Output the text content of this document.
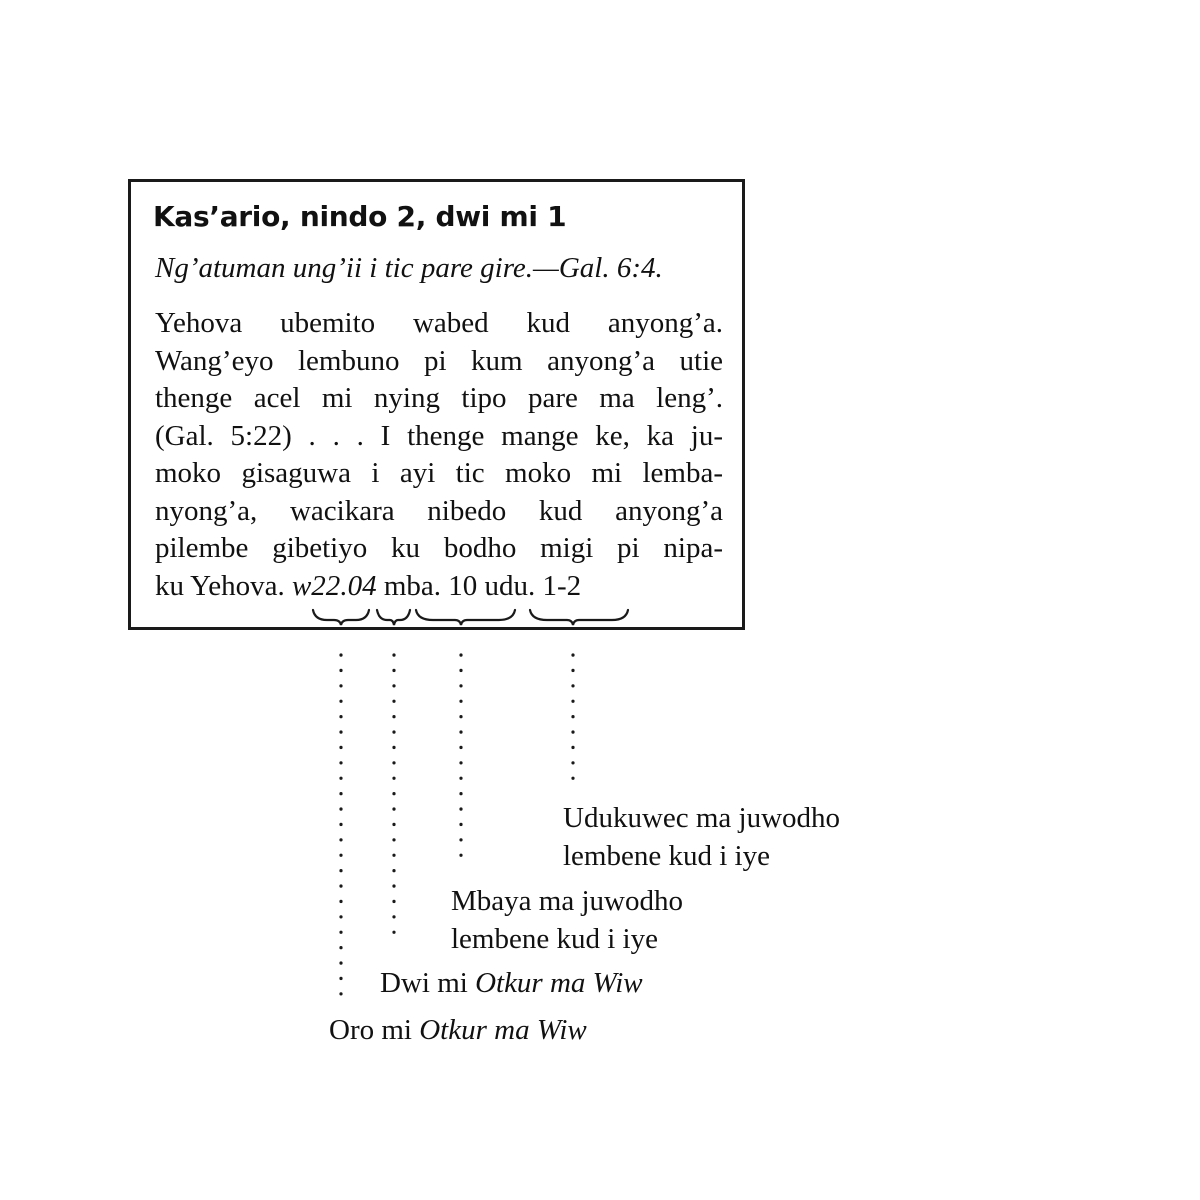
Kas’ario, nindo 2, dwi mi 1
Ng’atuman ung’ii i tic pare gire.—Gal. 6:4.
Yehova ubemito wabed kud anyong’a.
Wang’eyo lembuno pi kum anyong’a utie
thenge acel mi nying tipo pare ma leng’.
(Gal. 5:22) . . . I thenge mange ke, ka ju-
moko gisaguwa i ayi tic moko mi lemba-
nyong’a, wacikara nibedo kud anyong’a
pilembe gibetiyo ku bodho migi pi nipa-
ku Yehova. w22.04 mba. 10 udu. 1-2
Udukuwec ma juwodho
lembene kud i iye
Mbaya ma juwodho
lembene kud i iye
Dwi mi Otkur ma Wiw
Oro mi Otkur ma Wiw
